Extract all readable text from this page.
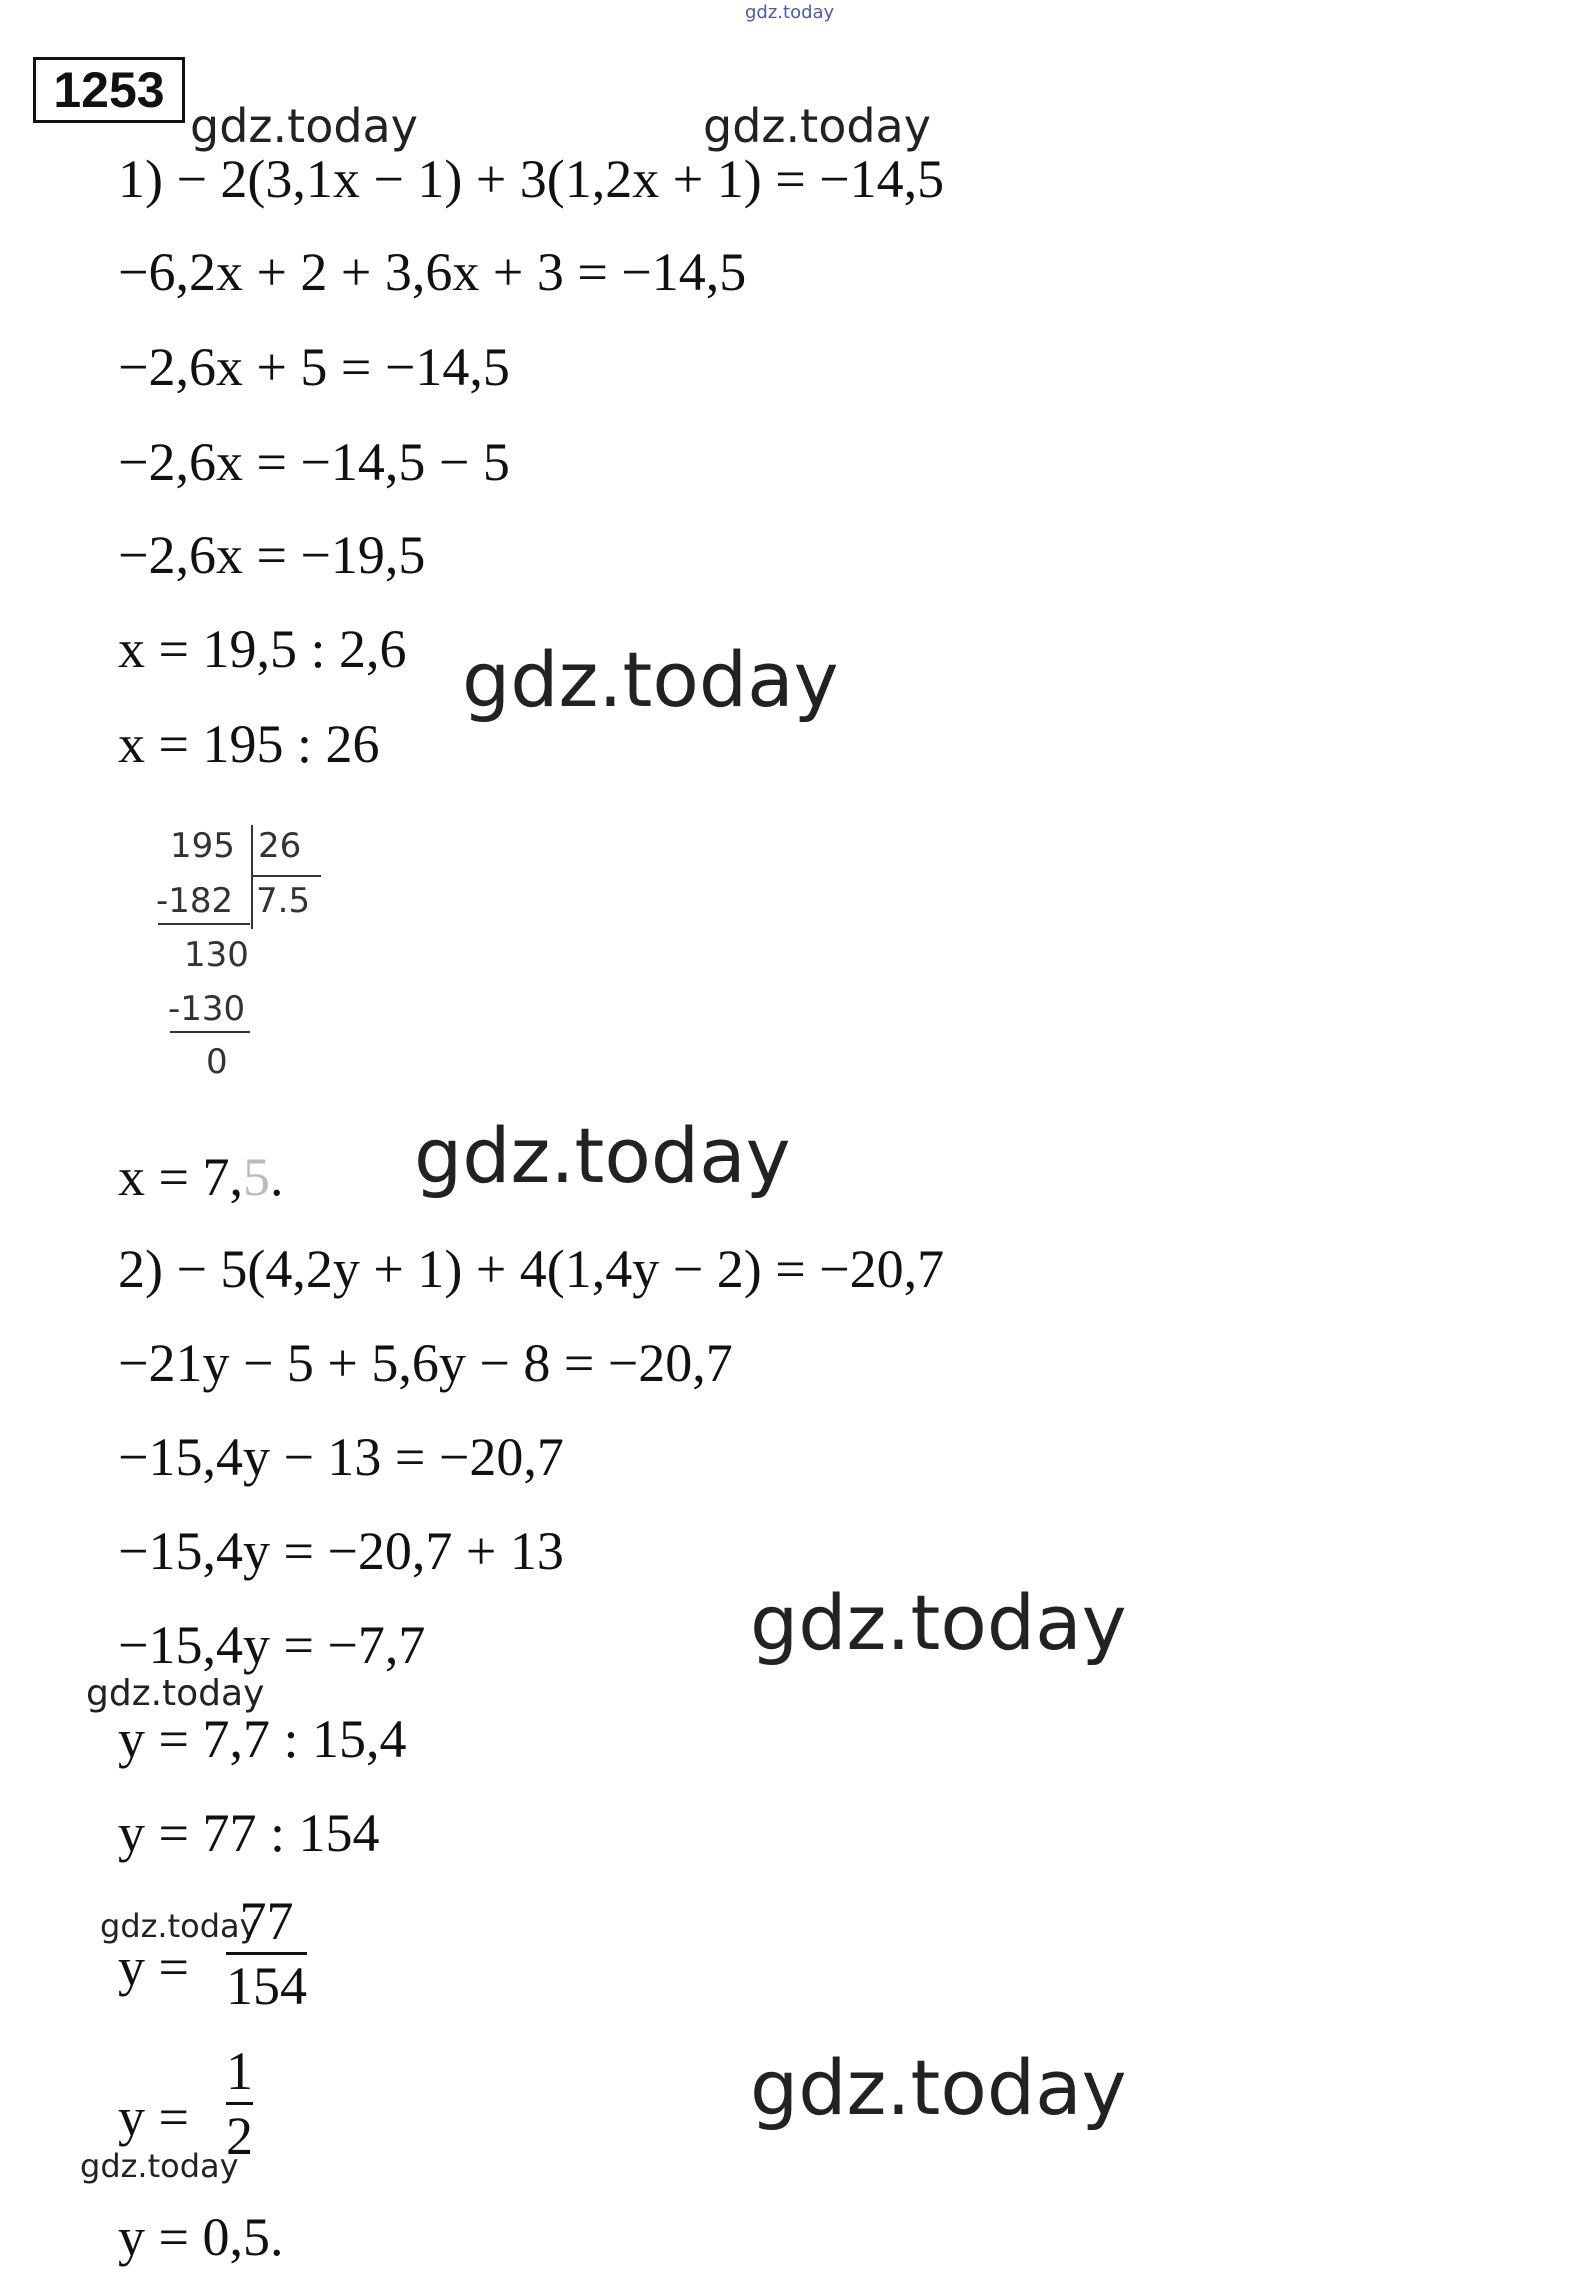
gdz.today
1253
gdz.today	gdz.today
gdz.today
gdz.today
gdz.today
gdz.today
gdz.today
gdz.today
gdz.today
1) − 2(3,1x − 1) + 3(1,2x + 1) = −14,5
−6,2x + 2 + 3,6x + 3 = −14,5
−2,6x + 5 = −14,5
−2,6x = −14,5 − 5
−2,6x = −19,5
x = 19,5 : 2,6
x = 195 : 26
195 26
7.5
-182
130
-130
0
x = 7,5.
2) − 5(4,2y + 1) + 4(1,4y − 2) = −20,7
−21y − 5 + 5,6y − 8 = −20,7
−15,4y − 13 = −20,7
−15,4y = −20,7 + 13
−15,4y = −7,7
y = 7,7 : 15,4
y = 77 : 154
y =
77
154
y =
1
2
y = 0,5.
